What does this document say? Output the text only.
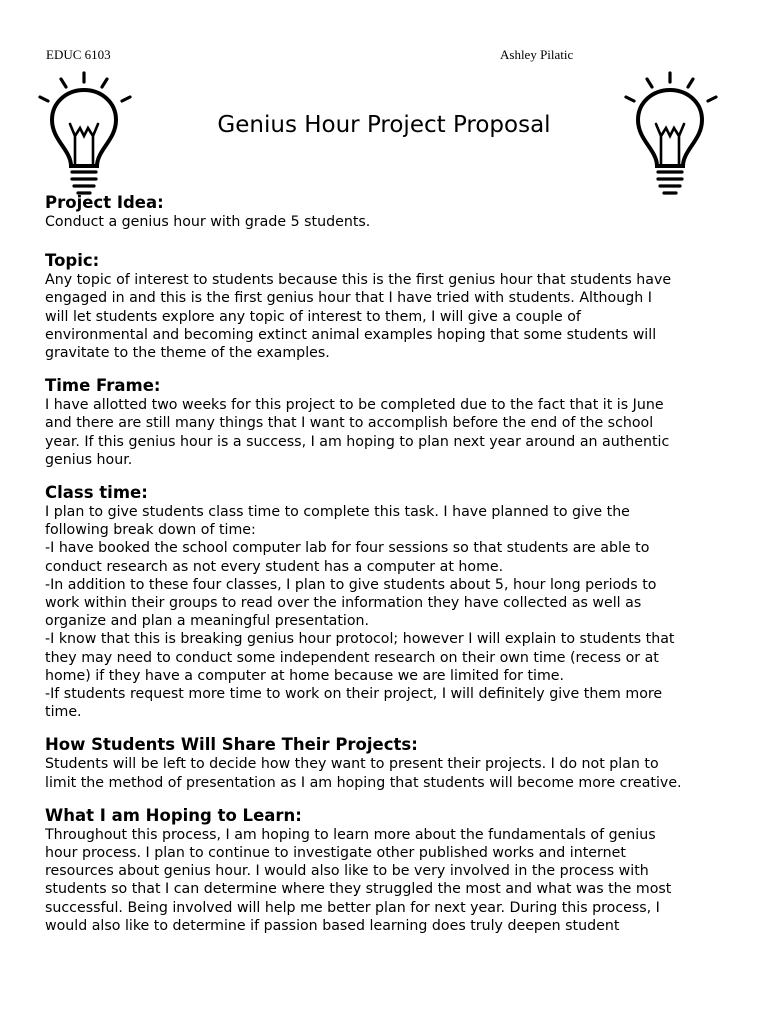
EDUC 6103	Ashley Pilatic
Genius Hour Project Proposal
Project Idea:

Conduct a genius hour with grade 5 students.

Topic:

Any topic of interest to students because this is the first genius hour that students have

engaged in and this is the first genius hour that I have tried with students. Although I

will let students explore any topic of interest to them, I will give a couple of

environmental and becoming extinct animal examples hoping that some students will

gravitate to the theme of the examples.

Time Frame:

I have allotted two weeks for this project to be completed due to the fact that it is June

and there are still many things that I want to accomplish before the end of the school

year. If this genius hour is a success, I am hoping to plan next year around an authentic

genius hour.

Class time:

I plan to give students class time to complete this task. I have planned to give the

following break down of time:

-I have booked the school computer lab for four sessions so that students are able to

conduct research as not every student has a computer at home.

-In addition to these four classes, I plan to give students about 5, hour long periods to

work within their groups to read over the information they have collected as well as

organize and plan a meaningful presentation.

-I know that this is breaking genius hour protocol; however I will explain to students that

they may need to conduct some independent research on their own time (recess or at

home) if they have a computer at home because we are limited for time.

-If students request more time to work on their project, I will definitely give them more

time.

How Students Will Share Their Projects:

Students will be left to decide how they want to present their projects. I do not plan to

limit the method of presentation as I am hoping that students will become more creative.

What I am Hoping to Learn:

Throughout this process, I am hoping to learn more about the fundamentals of genius

hour process. I plan to continue to investigate other published works and internet

resources about genius hour. I would also like to be very involved in the process with

students so that I can determine where they struggled the most and what was the most

successful. Being involved will help me better plan for next year. During this process, I

would also like to determine if passion based learning does truly deepen student
